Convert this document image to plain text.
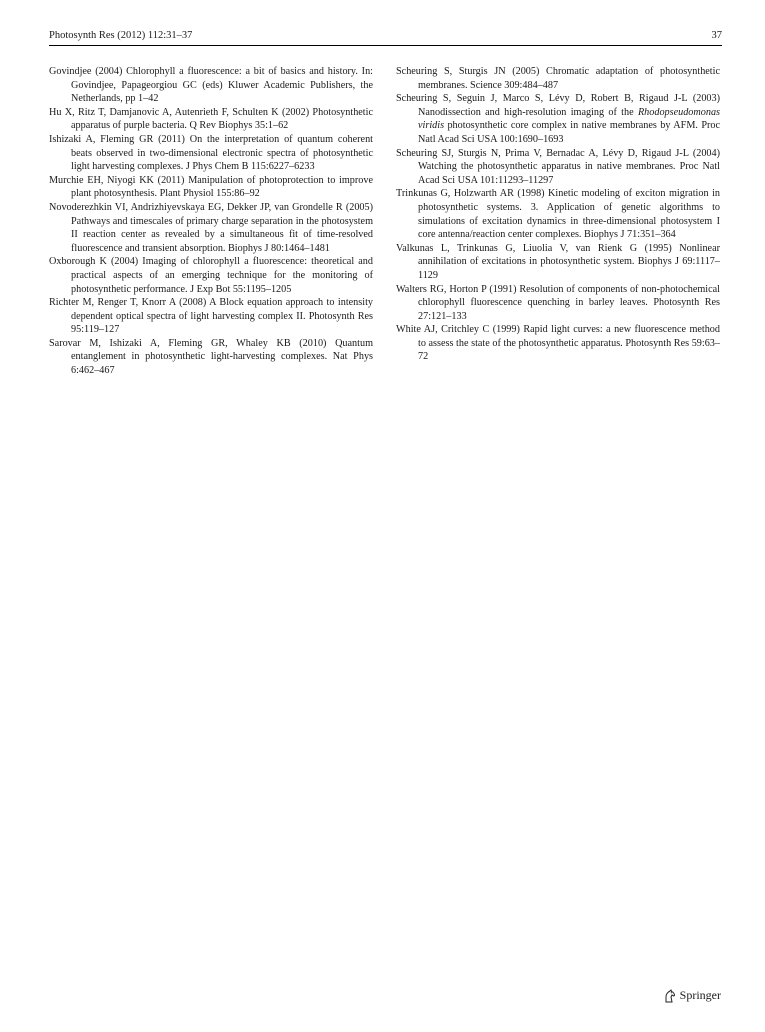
Photosynth Res (2012) 112:31–37	37

Govindjee (2004) Chlorophyll a fluorescence: a bit of basics and history. In: Govindjee, Papageorgiou GC (eds) Kluwer Academic Publishers, the Netherlands, pp 1–42

Hu X, Ritz T, Damjanovic A, Autenrieth F, Schulten K (2002) Photosynthetic apparatus of purple bacteria. Q Rev Biophys 35:1–62

Ishizaki A, Fleming GR (2011) On the interpretation of quantum coherent beats observed in two-dimensional electronic spectra of photosynthetic light harvesting complexes. J Phys Chem B 115:6227–6233

Murchie EH, Niyogi KK (2011) Manipulation of photoprotection to improve plant photosynthesis. Plant Physiol 155:86–92

Novoderezhkin VI, Andrizhiyevskaya EG, Dekker JP, van Grondelle R (2005) Pathways and timescales of primary charge separation in the photosystem II reaction center as revealed by a simultaneous fit of time-resolved fluorescence and transient absorption. Biophys J 80:1464–1481

Oxborough K (2004) Imaging of chlorophyll a fluorescence: theoretical and practical aspects of an emerging technique for the monitoring of photosynthetic performance. J Exp Bot 55:1195–1205

Richter M, Renger T, Knorr A (2008) A Block equation approach to intensity dependent optical spectra of light harvesting complex II. Photosynth Res 95:119–127

Sarovar M, Ishizaki A, Fleming GR, Whaley KB (2010) Quantum entanglement in photosynthetic light-harvesting complexes. Nat Phys 6:462–467

Scheuring S, Sturgis JN (2005) Chromatic adaptation of photosynthetic membranes. Science 309:484–487

Scheuring S, Seguin J, Marco S, Lévy D, Robert B, Rigaud J-L (2003) Nanodissection and high-resolution imaging of the Rhodopseudomonas viridis photosynthetic core complex in native membranes by AFM. Proc Natl Acad Sci USA 100:1690–1693

Scheuring SJ, Sturgis N, Prima V, Bernadac A, Lévy D, Rigaud J-L (2004) Watching the photosynthetic apparatus in native membranes. Proc Natl Acad Sci USA 101:11293–11297

Trinkunas G, Holzwarth AR (1998) Kinetic modeling of exciton migration in photosynthetic systems. 3. Application of genetic algorithms to simulations of excitation dynamics in three-dimensional photosystem I core antenna/reaction center complexes. Biophys J 71:351–364

Valkunas L, Trinkunas G, Liuolia V, van Rienk G (1995) Nonlinear annihilation of excitations in photosynthetic system. Biophys J 69:1117–1129

Walters RG, Horton P (1991) Resolution of components of non-photochemical chlorophyll fluorescence quenching in barley leaves. Photosynth Res 27:121–133

White AJ, Critchley C (1999) Rapid light curves: a new fluorescence method to assess the state of the photosynthetic apparatus. Photosynth Res 59:63–72

Springer
